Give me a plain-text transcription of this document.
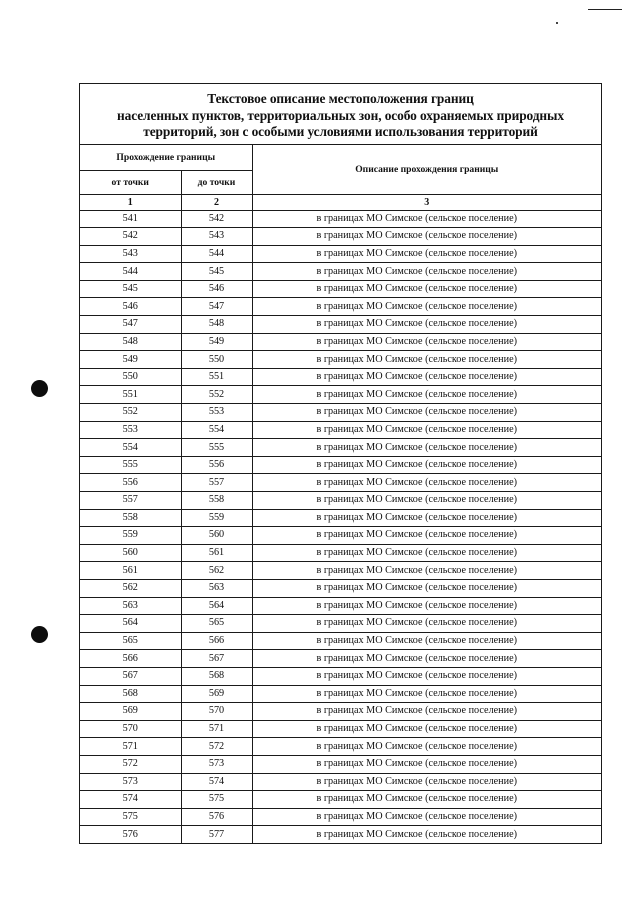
Текстовое описание местоположения границ
населенных пунктов, территориальных зон, особо охраняемых природных
территорий, зон с особыми условиями использования территорий
Прохождение границы		Описание прохождения границы
от точки	до точки	
1	2	3
541	542	в границах МО Симское (сельское поселение)
542	543	в границах МО Симское (сельское поселение)
543	544	в границах МО Симское (сельское поселение)
544	545	в границах МО Симское (сельское поселение)
545	546	в границах МО Симское (сельское поселение)
546	547	в границах МО Симское (сельское поселение)
547	548	в границах МО Симское (сельское поселение)
548	549	в границах МО Симское (сельское поселение)
549	550	в границах МО Симское (сельское поселение)
550	551	в границах МО Симское (сельское поселение)
551	552	в границах МО Симское (сельское поселение)
552	553	в границах МО Симское (сельское поселение)
553	554	в границах МО Симское (сельское поселение)
554	555	в границах МО Симское (сельское поселение)
555	556	в границах МО Симское (сельское поселение)
556	557	в границах МО Симское (сельское поселение)
557	558	в границах МО Симское (сельское поселение)
558	559	в границах МО Симское (сельское поселение)
559	560	в границах МО Симское (сельское поселение)
560	561	в границах МО Симское (сельское поселение)
561	562	в границах МО Симское (сельское поселение)
562	563	в границах МО Симское (сельское поселение)
563	564	в границах МО Симское (сельское поселение)
564	565	в границах МО Симское (сельское поселение)
565	566	в границах МО Симское (сельское поселение)
566	567	в границах МО Симское (сельское поселение)
567	568	в границах МО Симское (сельское поселение)
568	569	в границах МО Симское (сельское поселение)
569	570	в границах МО Симское (сельское поселение)
570	571	в границах МО Симское (сельское поселение)
571	572	в границах МО Симское (сельское поселение)
572	573	в границах МО Симское (сельское поселение)
573	574	в границах МО Симское (сельское поселение)
574	575	в границах МО Симское (сельское поселение)
575	576	в границах МО Симское (сельское поселение)
576	577	в границах МО Симское (сельское поселение)
